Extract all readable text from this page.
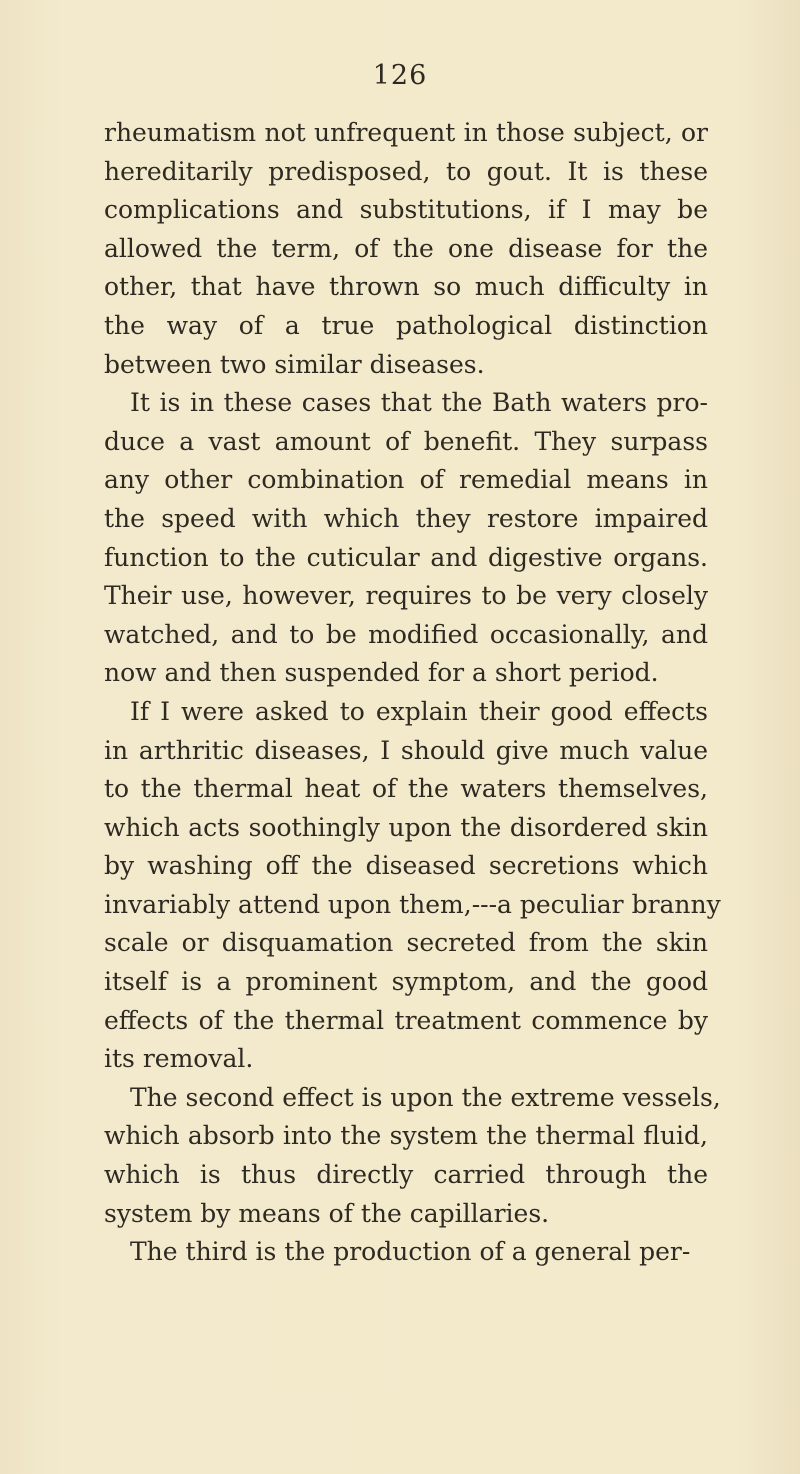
126
rheumatism not unfrequent in those subject, or
hereditarily predisposed, to gout. It is these
complications and substitutions, if I may be
allowed the term, of the one disease for the
other, that have thrown so much difficulty in
the way of a true pathological distinction
between two similar diseases.
It is in these cases that the Bath waters pro-
duce a vast amount of benefit. They surpass
any other combination of remedial means in
the speed with which they restore impaired
function to the cuticular and digestive organs.
Their use, however, requires to be very closely
watched, and to be modified occasionally, and
now and then suspended for a short period.
If I were asked to explain their good effects
in arthritic diseases, I should give much value
to the thermal heat of the waters themselves,
which acts soothingly upon the disordered skin
by washing off the diseased secretions which
invariably attend upon them,---a peculiar branny
scale or disquamation secreted from the skin
itself is a prominent symptom, and the good
effects of the thermal treatment commence by
its removal.
The second effect is upon the extreme vessels,
which absorb into the system the thermal fluid,
which is thus directly carried through the
system by means of the capillaries.
The third is the production of a general per-
